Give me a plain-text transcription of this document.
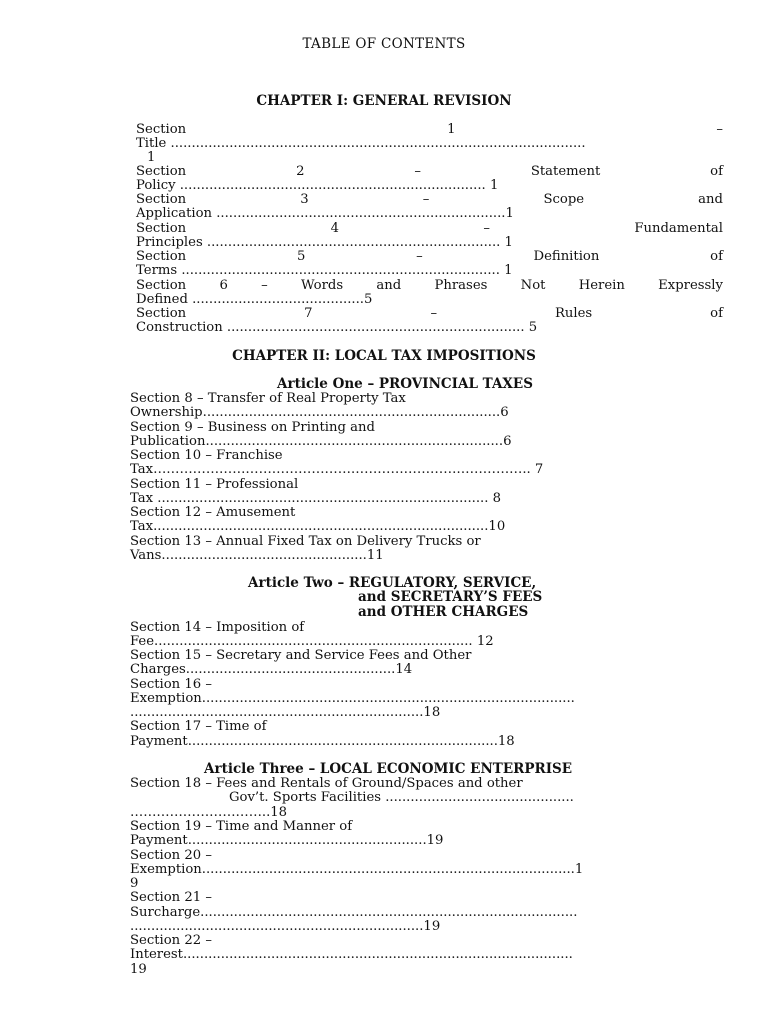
TABLE OF CONTENTS
CHAPTER I: GENERAL REVISION
Section	1	–
Title ...................................................................................................
1
Section	2	–	Statement	of
Policy ......................................................................... 1
Section	3	–	Scope	and
Application .....................................................................1
Section	4	–	Fundamental
Principles ...................................................................... 1
Section	5	–	Definition	of
Terms ............................................................................ 1
Section	6	–	Words	and	Phrases	Not	Herein	Expressly
Defined .........................................5
Section	7	–	Rules	of
Construction ....................................................................... 5
CHAPTER II: LOCAL TAX IMPOSITIONS
Article One – PROVINCIAL TAXES
Section 8 – Transfer of Real Property Tax
Ownership.......................................................................6
Section 9 – Business on Printing and
Publication.......................................................................6
Section 10 – Franchise
Tax………………………………………………………………………….. 7
Section 11 – Professional
Tax ............................................................................... 8
Section 12 – Amusement
Tax................................................................................10
Section 13 – Annual Fixed Tax on Delivery Trucks or
Vans.................................................11
Article Two – REGULATORY, SERVICE,
and SECRETARY’S FEES
and OTHER CHARGES
Section 14 – Imposition of
Fee............................................................................ 12
Section 15 – Secretary and Service Fees and Other
Charges..................................................14
Section 16 –
Exemption.........................................................................................
......................................................................18
Section 17 – Time of
Payment..........................................................................18
Article Three – LOCAL ECONOMIC ENTERPRISE
Section 18 – Fees and Rentals of Ground/Spaces and other
Gov’t. Sports Facilities .............................................
…………………………..18
Section 19 – Time and Manner of
Payment.........................................................19
Section 20 –
Exemption.........................................................................................1
9
Section 21 –
Surcharge..........................................................................................
......................................................................19
Section 22 –
Interest.............................................................................................
19
